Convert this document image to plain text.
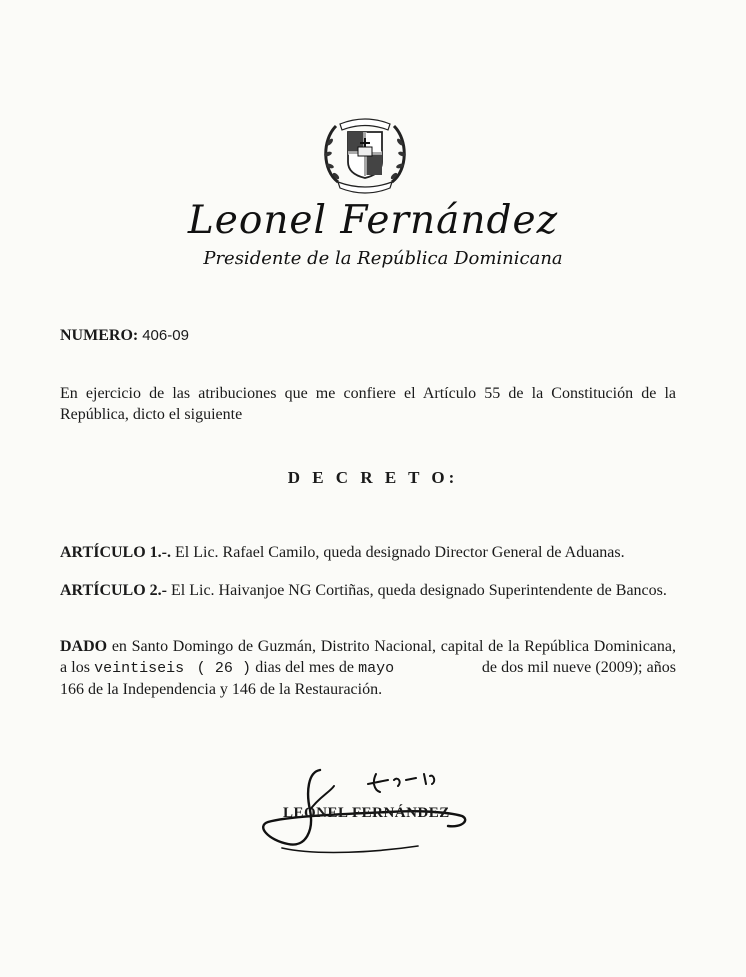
Leonel Fernández
Presidente de la República Dominicana
NUMERO: 406-09
En ejercicio de las atribuciones que me confiere el Artículo 55 de la Constitución de la República, dicto el siguiente
D E C R E T O:
ARTÍCULO 1.-. El Lic. Rafael Camilo, queda designado Director General de Aduanas.
ARTÍCULO 2.- El Lic. Haivanjoe NG Cortiñas, queda designado Superintendente de Bancos.
DADO en Santo Domingo de Guzmán, Distrito Nacional, capital de la República Dominicana, a los veintiseis ( 26 ) dias del mes de mayo	de dos mil nueve (2009); años 166 de la Independencia y 146 de la Restauración.
LEONEL FERNÁNDEZ
